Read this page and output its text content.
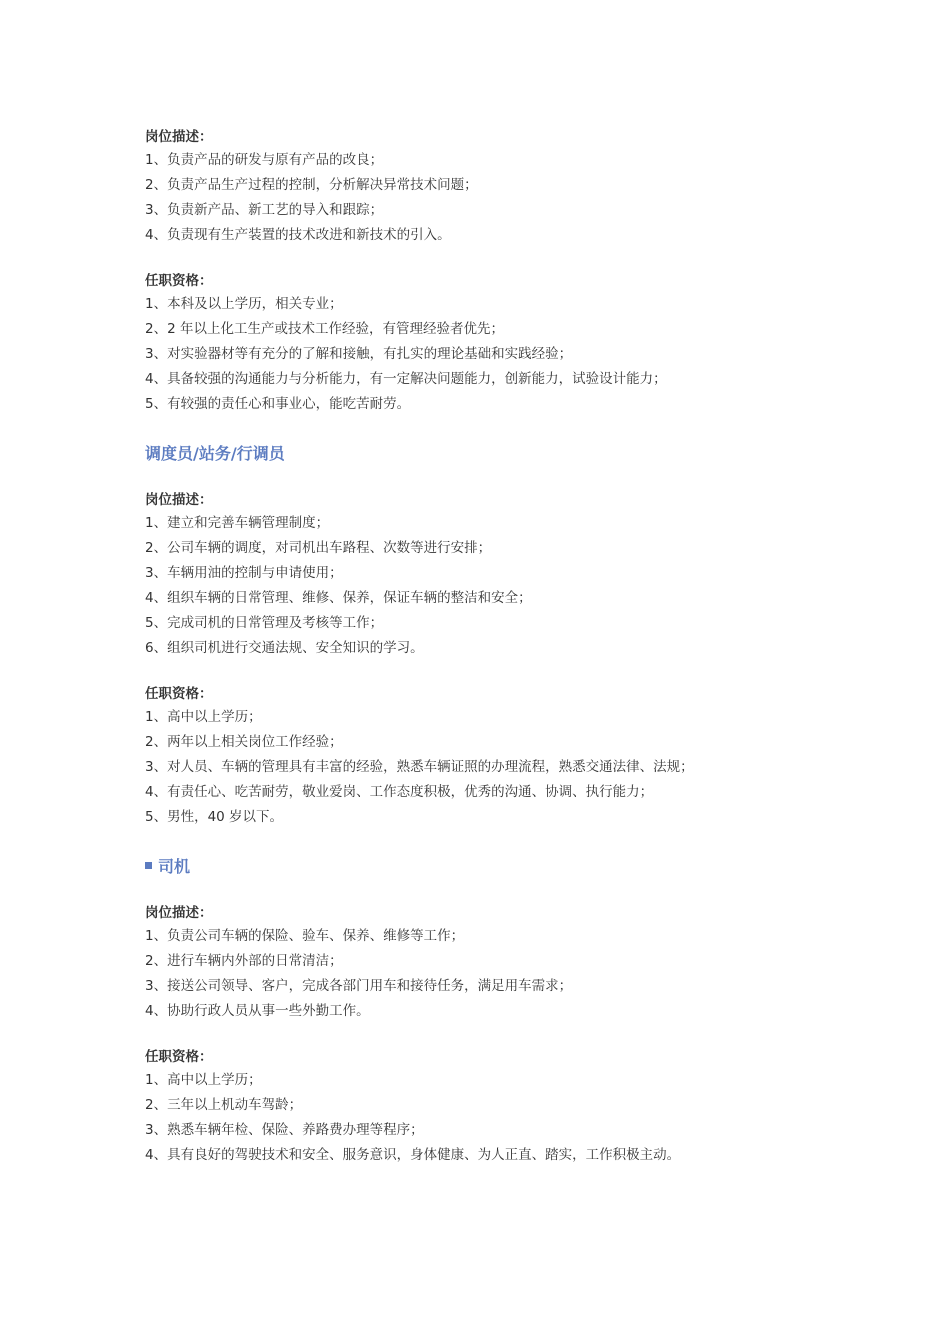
岗位描述：

1、负责产品的研发与原有产品的改良；

2、负责产品生产过程的控制，分析解决异常技术问题；

3、负责新产品、新工艺的导入和跟踪；

4、负责现有生产装置的技术改进和新技术的引入。

任职资格：

1、本科及以上学历，相关专业；

2、2 年以上化工生产或技术工作经验，有管理经验者优先；

3、对实验器材等有充分的了解和接触，有扎实的理论基础和实践经验；

4、具备较强的沟通能力与分析能力，有一定解决问题能力，创新能力，试验设计能力；

5、有较强的责任心和事业心，能吃苦耐劳。

调度员/站务/行调员

岗位描述：

1、建立和完善车辆管理制度；

2、公司车辆的调度，对司机出车路程、次数等进行安排；

3、车辆用油的控制与申请使用；

4、组织车辆的日常管理、维修、保养，保证车辆的整洁和安全；

5、完成司机的日常管理及考核等工作；

6、组织司机进行交通法规、安全知识的学习。

任职资格：

1、高中以上学历；

2、两年以上相关岗位工作经验；

3、对人员、车辆的管理具有丰富的经验，熟悉车辆证照的办理流程，熟悉交通法律、法规；

4、有责任心、吃苦耐劳，敬业爱岗、工作态度积极，优秀的沟通、协调、执行能力；

5、男性，40 岁以下。

司机

岗位描述：

1、负责公司车辆的保险、验车、保养、维修等工作；

2、进行车辆内外部的日常清洁；

3、接送公司领导、客户，完成各部门用车和接待任务，满足用车需求；

4、协助行政人员从事一些外勤工作。

任职资格：

1、高中以上学历；

2、三年以上机动车驾龄；

3、熟悉车辆年检、保险、养路费办理等程序；

4、具有良好的驾驶技术和安全、服务意识，身体健康、为人正直、踏实，工作积极主动。
